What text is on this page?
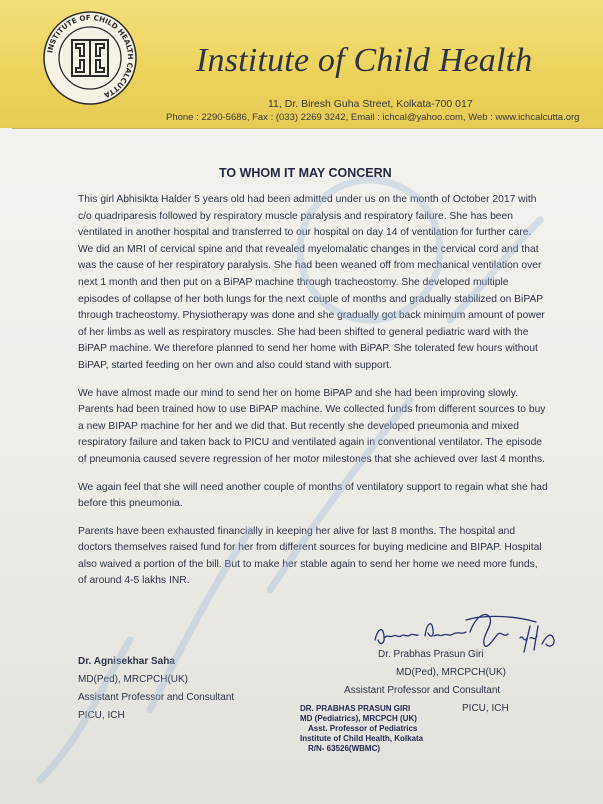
INSTITUTE OF CHILD HEALTH CALCUTTA
Institute of Child Health
11, Dr. Biresh Guha Street, Kolkata-700 017
Phone : 2290-5686, Fax : (033) 2269 3242, Email : ichcal@yahoo.com, Web : www.ichcalcutta.org
TO WHOM IT MAY CONCERN

This girl Abhisikta Halder 5 years old had been admitted under us on the month of October 2017 with c/o quadriparesis followed by respiratory muscle paralysis and respiratory failure. She has been ventilated in another hospital and transferred to our hospital on day 14 of ventilation for further care. We did an MRI of cervical spine and that revealed myelomalatic changes in the cervical cord and that was the cause of her respiratory paralysis. She had been weaned off from mechanical ventilation over next 1 month and then put on a BiPAP machine through tracheostomy. She developed multiple episodes of collapse of her both lungs for the next couple of months and gradually stabilized on BiPAP through tracheostomy. Physiotherapy was done and she gradually got back minimum amount of power of her limbs as well as respiratory muscles. She had been shifted to general pediatric ward with the BiPAP machine. We therefore planned to send her home with BiPAP. She tolerated few hours without BiPAP, started feeding on her own and also could stand with support.

We have almost made our mind to send her on home BiPAP and she had been improving slowly. Parents had been trained how to use BiPAP machine. We collected funds from different sources to buy a new BIPAP machine for her and we did that. But recently she developed pneumonia and mixed respiratory failure and taken back to PICU and ventilated again in conventional ventilator. The episode of pneumonia caused severe regression of her motor milestones that she achieved over last 4 months.

We again feel that she will need another couple of months of ventilatory support to regain what she had before this pneumonia.

Parents have been exhausted financially in keeping her alive for last 8 months. The hospital and doctors themselves raised fund for her from different sources for buying medicine and BIPAP. Hospital also waived a portion of the bill. But to make her stable again to send her home we need more funds, of around 4-5 lakhs INR.

Dr. Agnisekhar Saha
MD(Ped), MRCPCH(UK)
Assistant Professor and Consultant
PICU, ICH
Dr. Prabhas Prasun Giri
MD(Ped), MRCPCH(UK)
Assistant Professor and Consultant
PICU, ICH
DR. PRABHAS PRASUN GIRI
MD (Pediatrics), MRCPCH (UK)
Asst. Professor of Pediatrics
Institute of Child Health, Kolkata
R/N- 63526(WBMC)
